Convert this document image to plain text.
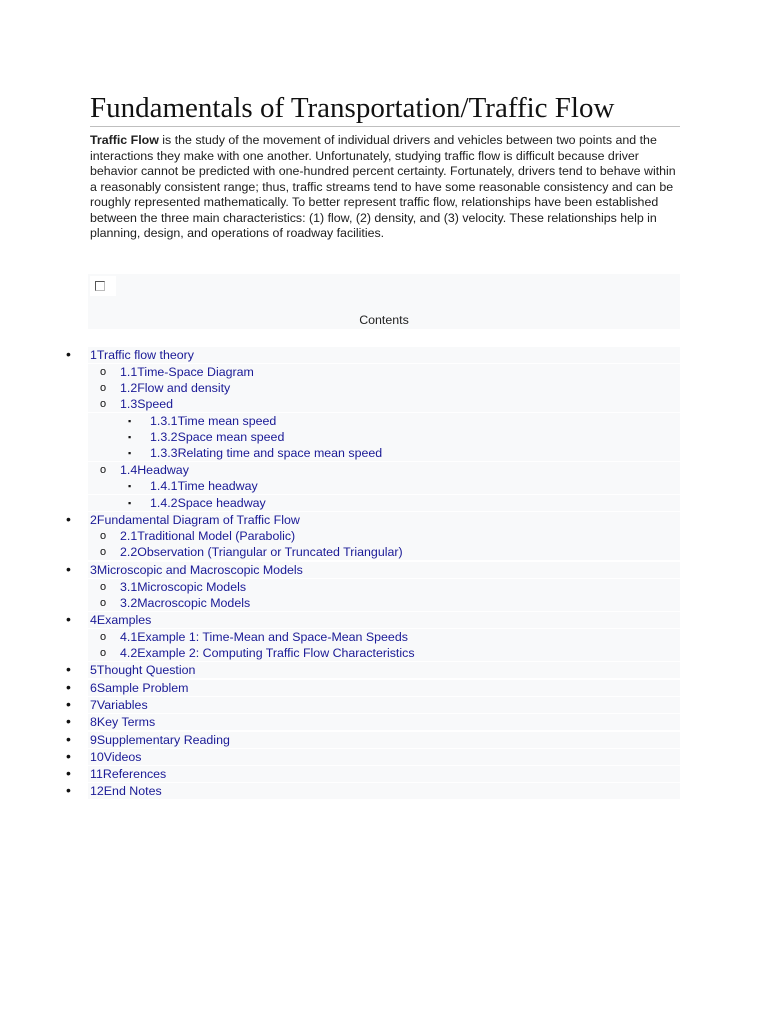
Fundamentals of Transportation/Traffic Flow

Traffic Flow is the study of the movement of individual drivers and vehicles between two points and the interactions they make with one another. Unfortunately, studying traffic flow is difficult because driver behavior cannot be predicted with one-hundred percent certainty. Fortunately, drivers tend to behave within a reasonably consistent range; thus, traffic streams tend to have some reasonable consistency and can be roughly represented mathematically. To better represent traffic flow, relationships have been established between the three main characteristics: (1) flow, (2) density, and (3) velocity. These relationships help in planning, design, and operations of roadway facilities.

Contents
• 1Traffic flow theory
o 1.1Time-Space Diagram
o 1.2Flow and density
o 1.3Speed
▪ 1.3.1Time mean speed
▪ 1.3.2Space mean speed
▪ 1.3.3Relating time and space mean speed
o 1.4Headway
▪ 1.4.1Time headway
▪ 1.4.2Space headway
• 2Fundamental Diagram of Traffic Flow
o 2.1Traditional Model (Parabolic)
o 2.2Observation (Triangular or Truncated Triangular)
• 3Microscopic and Macroscopic Models
o 3.1Microscopic Models
o 3.2Macroscopic Models
• 4Examples
o 4.1Example 1: Time-Mean and Space-Mean Speeds
o 4.2Example 2: Computing Traffic Flow Characteristics
• 5Thought Question
• 6Sample Problem
• 7Variables
• 8Key Terms
• 9Supplementary Reading
• 10Videos
• 11References
• 12End Notes
